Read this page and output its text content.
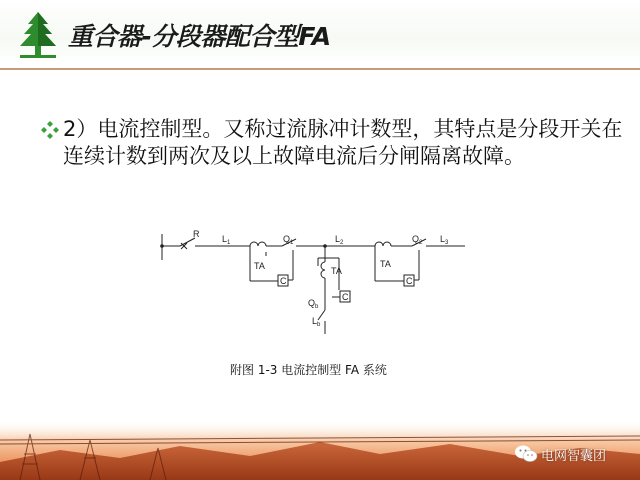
重合器-分段器配合型FA
2）电流控制型。又称过流脉冲计数型，其特点是分段开关在连续计数到两次及以上故障电流后分闸隔离故障。
R	$L_1$	$Q_1$	$L_2$	$Q_2$ $L_3$
$Q_b$
$L_b$
TA	TA
TA
C
C
C
附图 1-3 电流控制型 FA 系统
电网智囊团
